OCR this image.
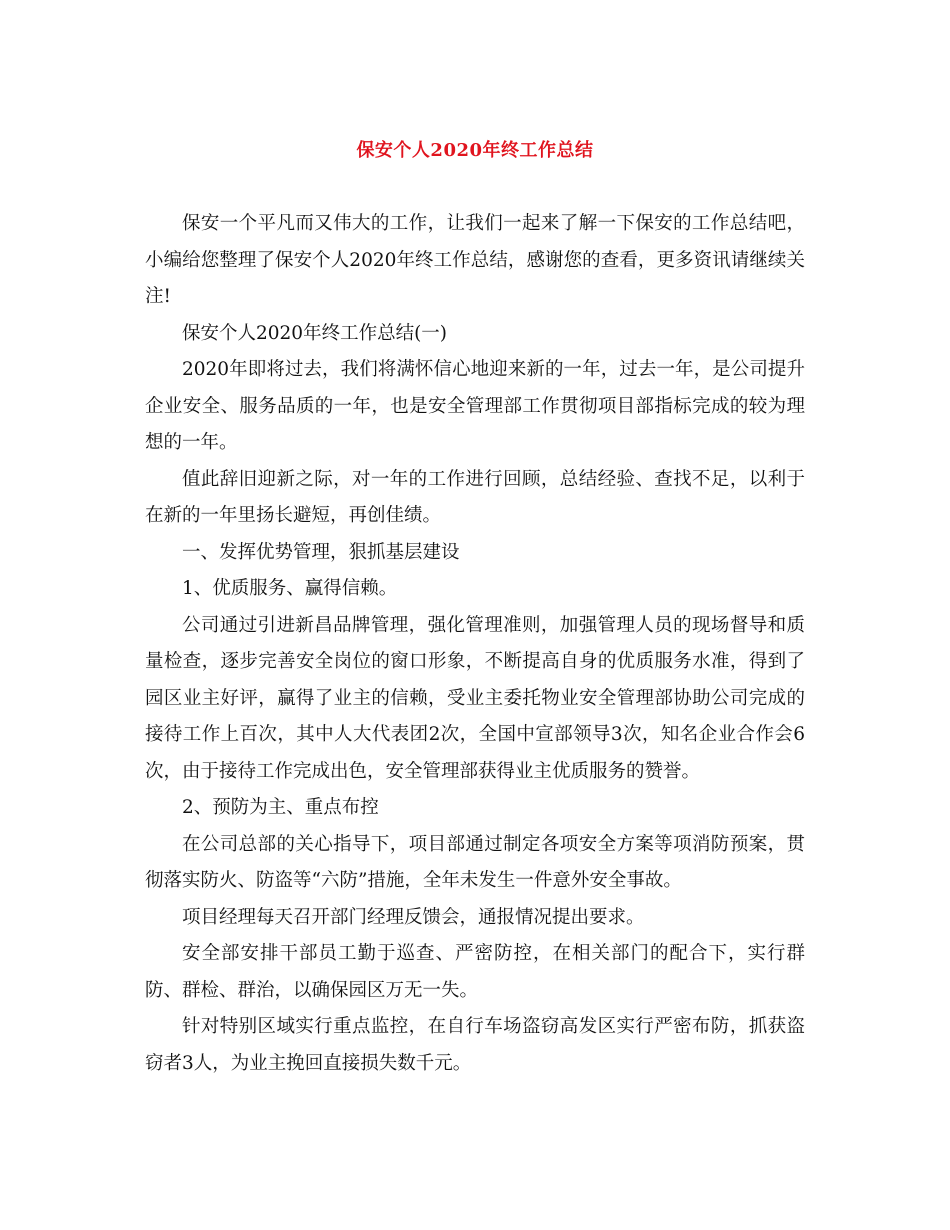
保安个人2020年终工作总结

保安一个平凡而又伟大的工作，让我们一起来了解一下保安的工作总结吧，小编给您整理了保安个人2020年终工作总结，感谢您的查看，更多资讯请继续关注!

保安个人2020年终工作总结(一)

2020年即将过去，我们将满怀信心地迎来新的一年，过去一年，是公司提升企业安全、服务品质的一年，也是安全管理部工作贯彻项目部指标完成的较为理想的一年。

值此辞旧迎新之际，对一年的工作进行回顾，总结经验、查找不足，以利于在新的一年里扬长避短，再创佳绩。

一、发挥优势管理，狠抓基层建设

1、优质服务、赢得信赖。

公司通过引进新昌品牌管理，强化管理准则，加强管理人员的现场督导和质量检查，逐步完善安全岗位的窗口形象，不断提高自身的优质服务水准，得到了园区业主好评，赢得了业主的信赖，受业主委托物业安全管理部协助公司完成的接待工作上百次，其中人大代表团2次，全国中宣部领导3次，知名企业合作会6次，由于接待工作完成出色，安全管理部获得业主优质服务的赞誉。

2、预防为主、重点布控

在公司总部的关心指导下，项目部通过制定各项安全方案等项消防预案，贯彻落实防火、防盗等“六防”措施，全年未发生一件意外安全事故。

项目经理每天召开部门经理反馈会，通报情况提出要求。

安全部安排干部员工勤于巡查、严密防控，在相关部门的配合下，实行群防、群检、群治，以确保园区万无一失。

针对特别区域实行重点监控，在自行车场盗窃高发区实行严密布防，抓获盗窃者3人，为业主挽回直接损失数千元。
